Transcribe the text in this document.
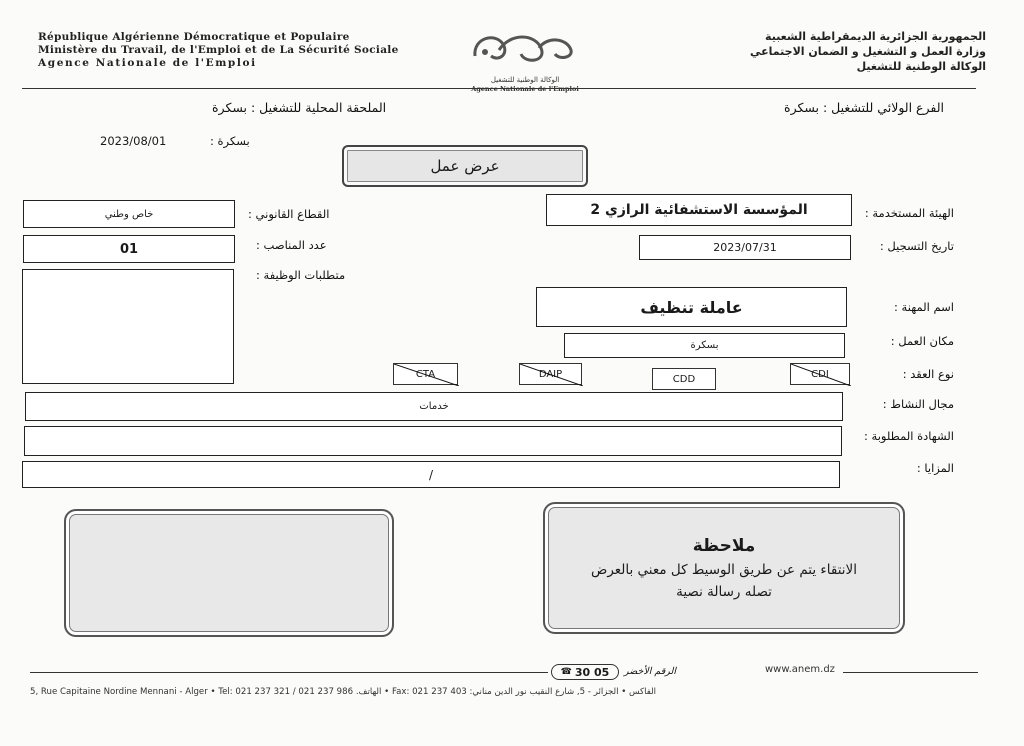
République Algérienne Démocratique et Populaire
Ministère du Travail, de l'Emploi et de La Sécurité Sociale
Agence Nationale de l'Emploi
الوكالة الوطنية للتشغيل
Agence Nationale de l'Emploi
الجمهورية الجزائرية الديمقراطية الشعبية
وزارة العمل و التشغيل و الضمان الاجتماعي
الوكالة الوطنية للتشغيل
الفرع الولائي للتشغيل : بسكرة
الملحقة المحلية للتشغيل : بسكرة
بسكرة :
2023/08/01
عرض عمل
المؤسسة الاستشفائية الرازي 2	الهيئة المستخدمة :
2023/07/31	تاريخ التسجيل :
عاملة تنظيف	اسم المهنة :
بسكرة	مكان العمل :
نوع العقد :
CTA	DAIP	CDD	CDI
خدمات	مجال النشاط :
الشهادة المطلوبة :
/	المزايا :
خاص وطني	القطاع القانوني :
01	عدد المناصب :
متطلبات الوظيفة :
ملاحظة
الانتقاء يتم عن طريق الوسيط كل معني بالعرض
تصله رسالة نصية
☎ 30 05 الرقم الأخضر	www.anem.dz
5, Rue Capitaine Nordine Mennani - Alger • Tel: 021 237 321 / 021 237 986 .الهاتف • Fax: 021 237 403 :الفاكس • الجزائر - 5, شارع النقيب نور الدين مناني
